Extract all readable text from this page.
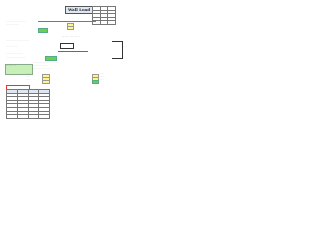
Wall Load

· · · · · · · · · · · · · · · · · · · ·
· · · · · · · · · · · · ·
· · · · · · · · · · · · · ·
· · · · · · · · · · · · · · · · · · · · · · ·
· · · · · · · · · · · ·
· · · · · · · · · · · · · · · · ·
· · · · · · · · · · · · · · · · · · · ·
· · · · · · · ·
· · · · · · · · · · · · · · · · · · · · · · · ·
· · · · · · · · · · · · · · ·
· · · · · · · · · · · · · · · · · · ·
· · · · ·
· · · · ·
· · · · ·
· · · · ·
· · · · ·
· · · · ·
· · · · · · ·	· · · ·
